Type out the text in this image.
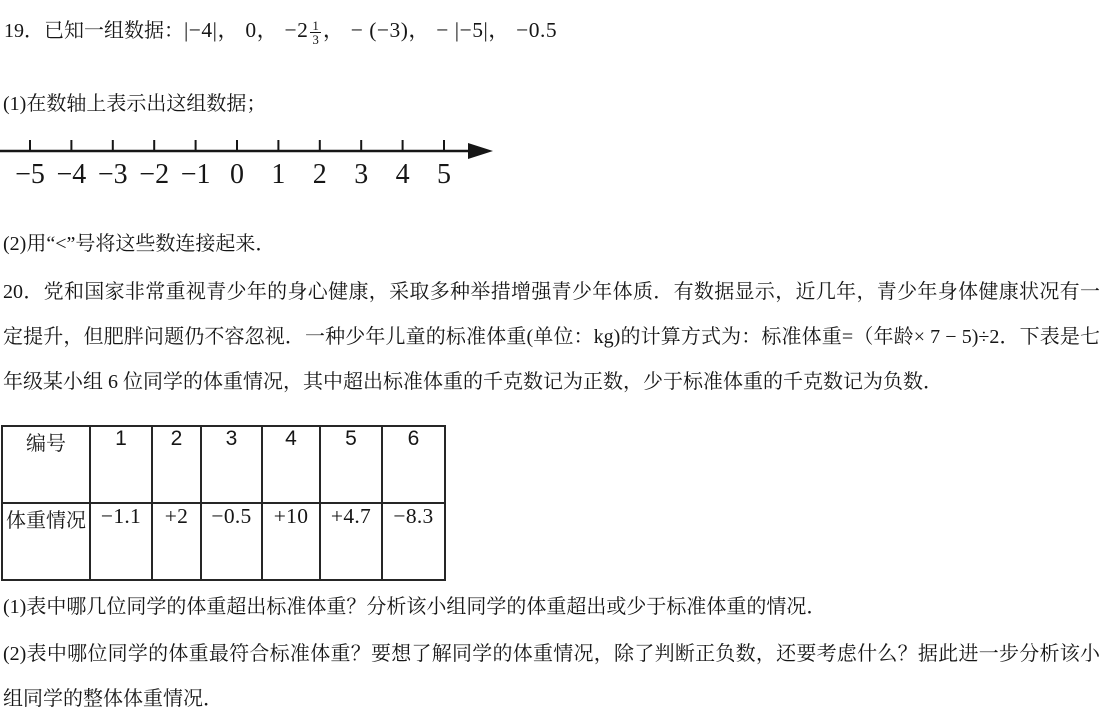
19．已知一组数据：|−4|， 0， $-2 \frac{1}{3}$ ， − (−3)， − |−5|， −0.5
(1)在数轴上表示出这组数据；
−5 −4 −3 −2 −1 0 1 2 3 4 5
(2)用“<”号将这些数连接起来．
20．党和国家非常重视青少年的身心健康，采取多种举措增强青少年体质．有数据显示，近几年，青少年身体健康状况有一定提升，但肥胖问题仍不容忽视．一种少年儿童的标准体重(单位：kg)的计算方式为：标准体重=（年龄× 7 − 5)÷2．下表是七年级某小组 6 位同学的体重情况，其中超出标准体重的千克数记为正数，少于标准体重的千克数记为负数．
编号	1	2	3	4	5	6
体重情况	−1.1	+2	−0.5	+10	+4.7	−8.3
(1)表中哪几位同学的体重超出标准体重？分析该小组同学的体重超出或少于标准体重的情况．
(2)表中哪位同学的体重最符合标准体重？要想了解同学的体重情况，除了判断正负数，还要考虑什么？据此进一步分析该小组同学的整体体重情况．
